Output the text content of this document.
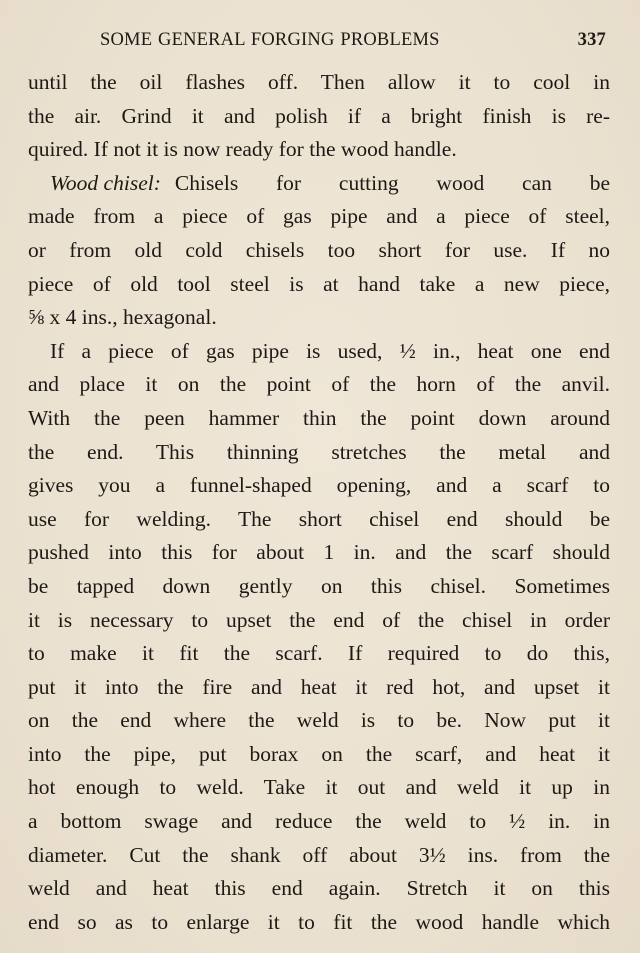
SOME GENERAL FORGING PROBLEMS	337
until the oil flashes off. Then allow it to cool in
the air. Grind it and polish if a bright finish is re-
quired. If not it is now ready for the wood handle.
Wood chisel: Chisels for cutting wood can be
made from a piece of gas pipe and a piece of steel,
or from old cold chisels too short for use. If no
piece of old tool steel is at hand take a new piece,
⅝ x 4 ins., hexagonal.
If a piece of gas pipe is used, ½ in., heat one end
and place it on the point of the horn of the anvil.
With the peen hammer thin the point down around
the end. This thinning stretches the metal and
gives you a funnel-shaped opening, and a scarf to
use for welding. The short chisel end should be
pushed into this for about 1 in. and the scarf should
be tapped down gently on this chisel. Sometimes
it is necessary to upset the end of the chisel in order
to make it fit the scarf. If required to do this,
put it into the fire and heat it red hot, and upset it
on the end where the weld is to be. Now put it
into the pipe, put borax on the scarf, and heat it
hot enough to weld. Take it out and weld it up in
a bottom swage and reduce the weld to ½ in. in
diameter. Cut the shank off about 3½ ins. from the
weld and heat this end again. Stretch it on this
end so as to enlarge it to fit the wood handle which
